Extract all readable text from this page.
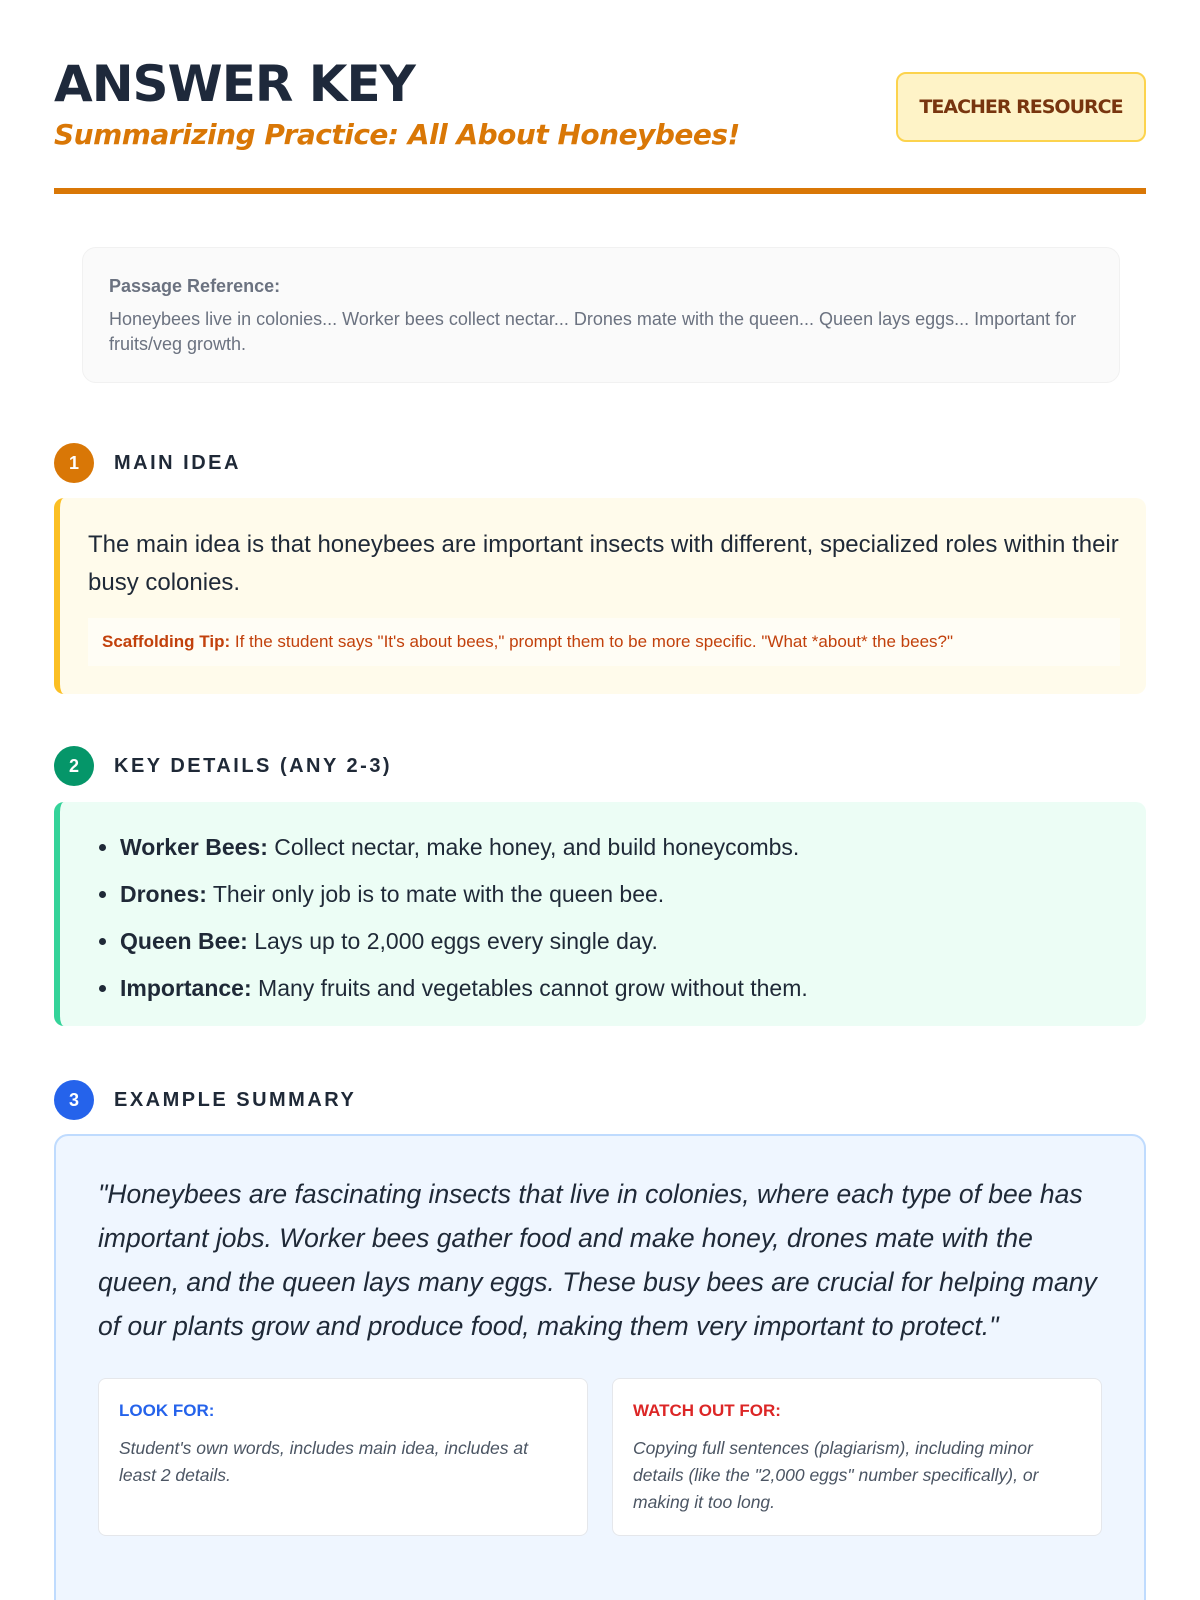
ANSWER KEY
Summarizing Practice: All About Honeybees!
TEACHER RESOURCE
Passage Reference:
Honeybees live in colonies... Worker bees collect nectar... Drones mate with the queen... Queen lays eggs... Important for fruits/veg growth.
1	MAIN IDEA
The main idea is that honeybees are important insects with different, specialized roles within their busy colonies.
Scaffolding Tip: If the student says "It's about bees," prompt them to be more specific. "What *about* the bees?"
2	KEY DETAILS (ANY 2-3)
• Worker Bees: Collect nectar, make honey, and build honeycombs.
• Drones: Their only job is to mate with the queen bee.
• Queen Bee: Lays up to 2,000 eggs every single day.
• Importance: Many fruits and vegetables cannot grow without them.
3	EXAMPLE SUMMARY
"Honeybees are fascinating insects that live in colonies, where each type of bee has important jobs. Worker bees gather food and make honey, drones mate with the queen, and the queen lays many eggs. These busy bees are crucial for helping many of our plants grow and produce food, making them very important to protect."
LOOK FOR:
Student's own words, includes main idea, includes at least 2 details.
WATCH OUT FOR:
Copying full sentences (plagiarism), including minor details (like the "2,000 eggs" number specifically), or making it too long.
